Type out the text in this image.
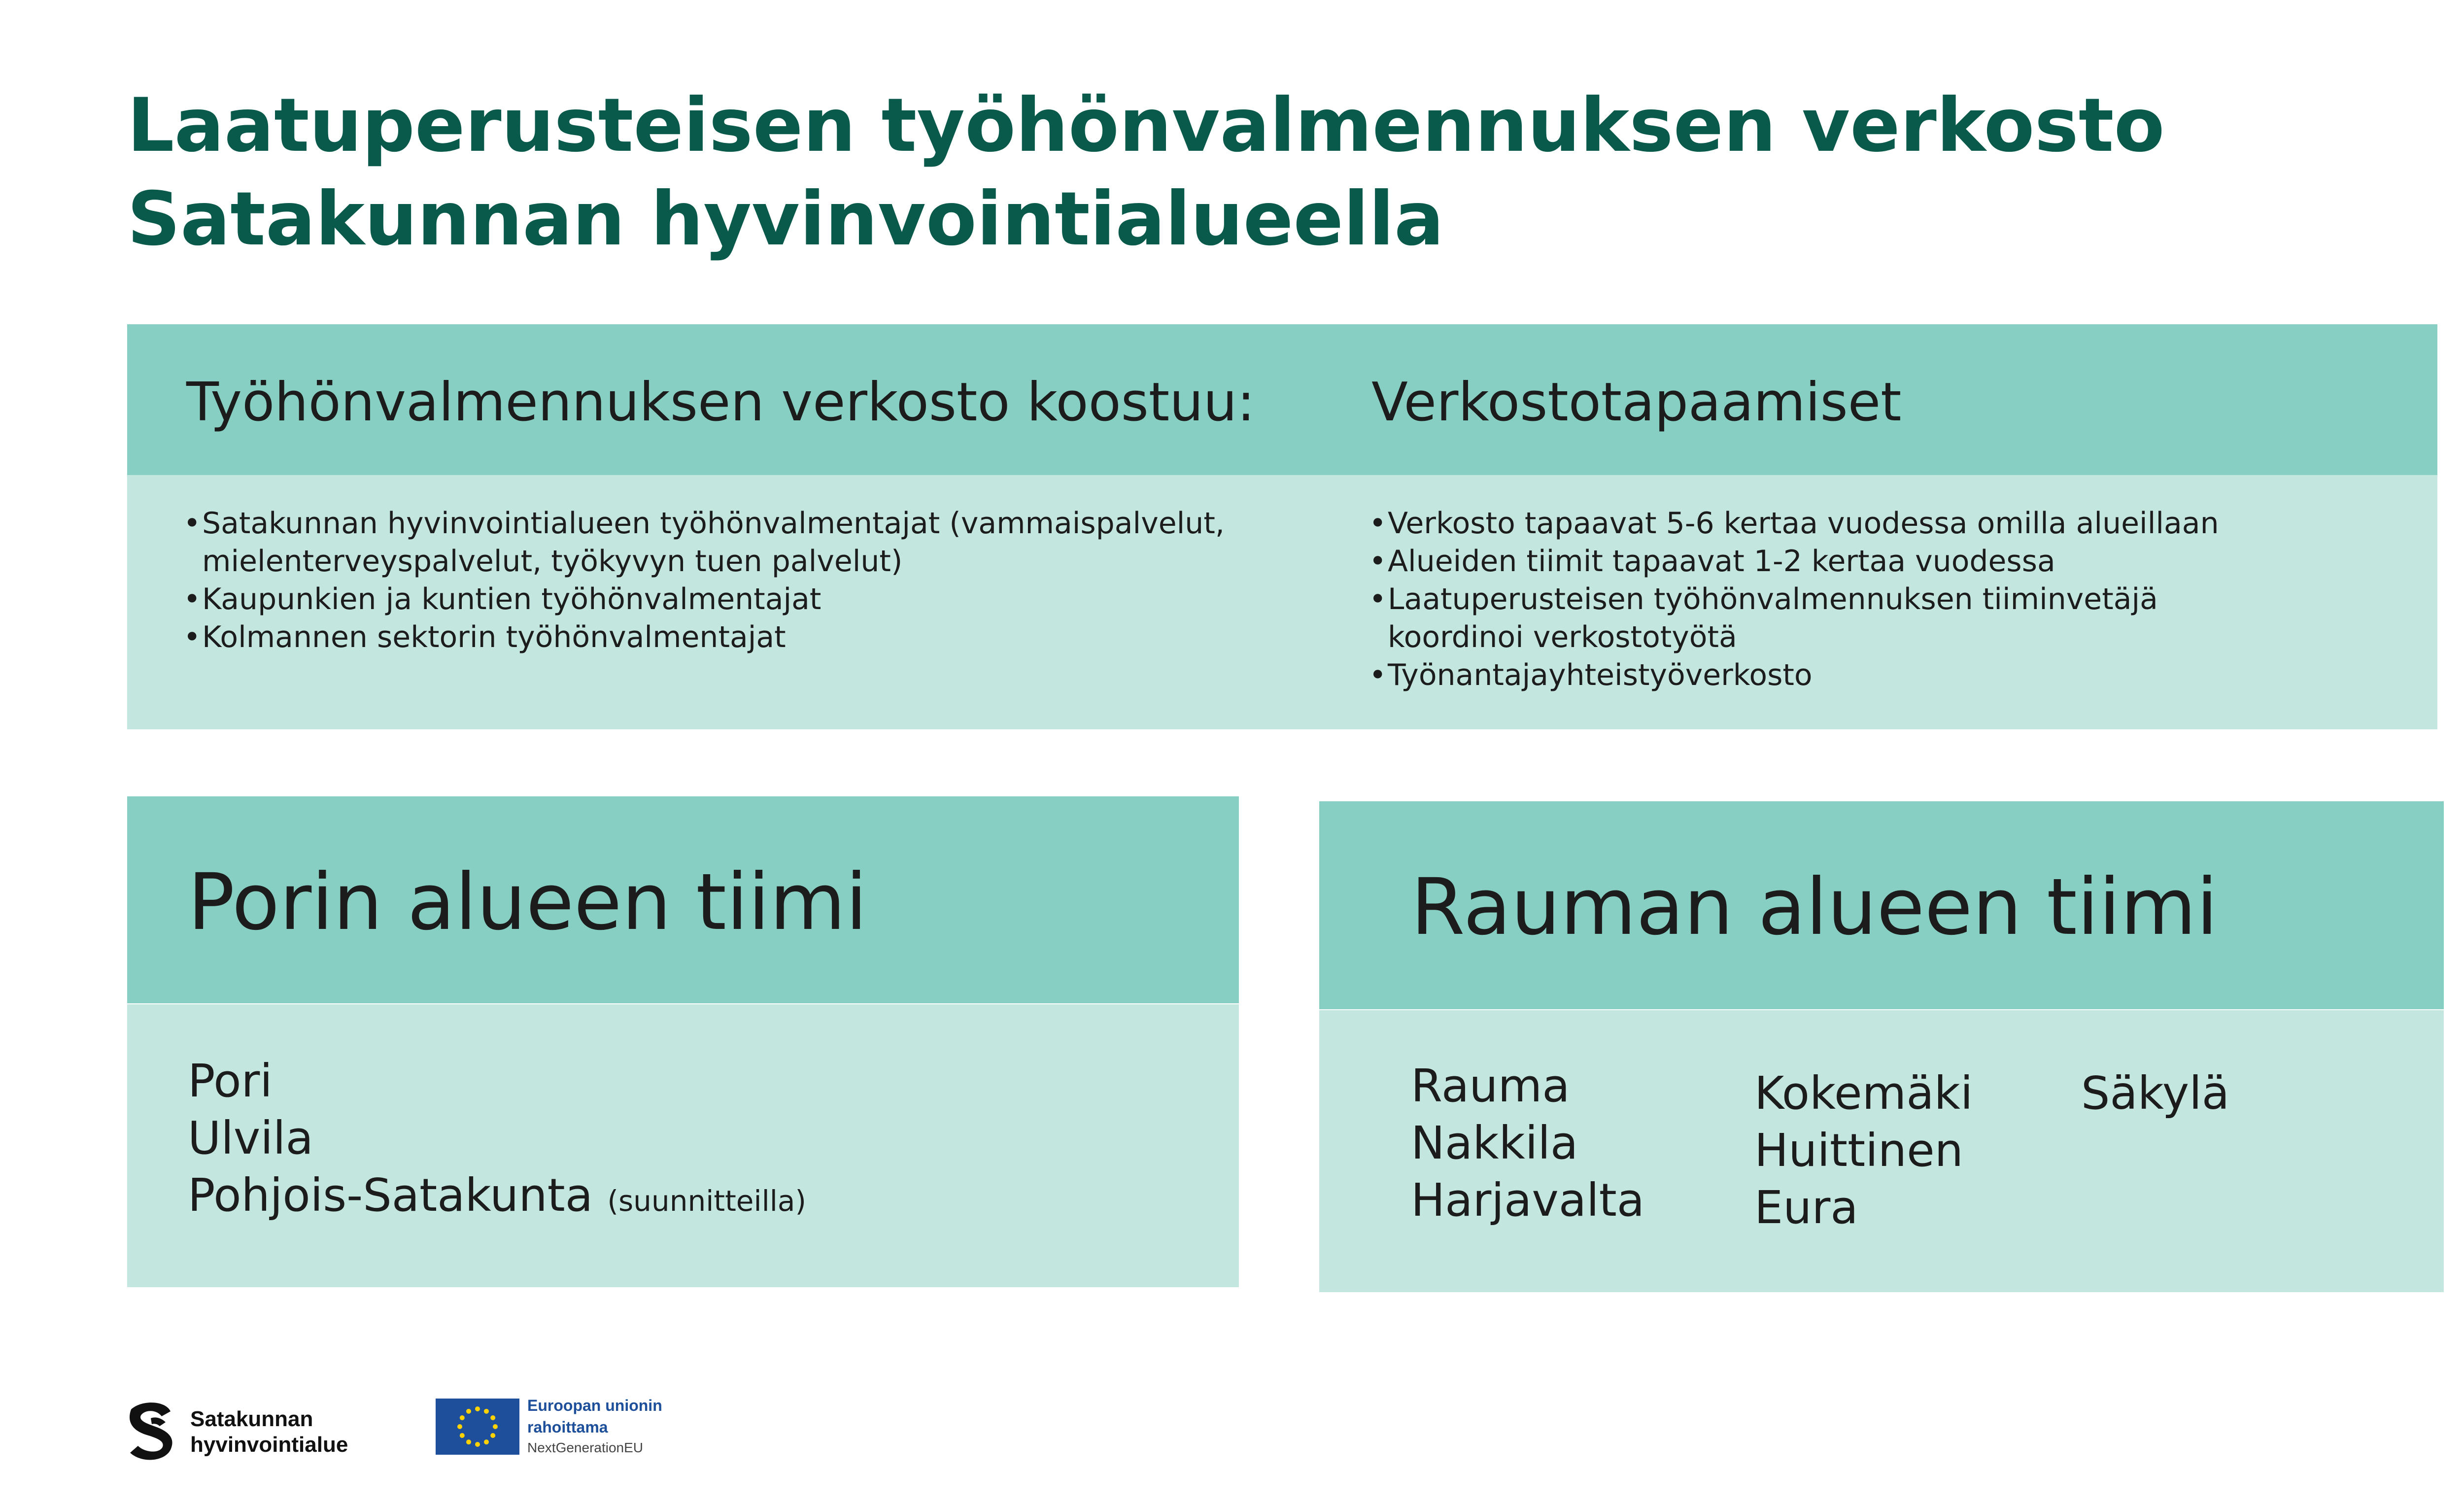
Laatuperusteisen työhönvalmennuksen verkosto
Satakunnan hyvinvointialueella
Työhönvalmennuksen verkosto koostuu: Verkostotapaamiset
• Satakunnan hyvinvointialueen työhönvalmentajat (vammaispalvelut,
mielenterveyspalvelut, työkyvyn tuen palvelut)
• Kaupunkien ja kuntien työhönvalmentajat
• Kolmannen sektorin työhönvalmentajat
• Verkosto tapaavat 5-6 kertaa vuodessa omilla alueillaan
• Alueiden tiimit tapaavat 1-2 kertaa vuodessa
• Laatuperusteisen työhönvalmennuksen tiiminvetäjä
koordinoi verkostotyötä
• Työnantajayhteistyöverkosto
Porin alueen tiimi
Pori
Ulvila
Pohjois-Satakunta (suunnitteilla)
Rauman alueen tiimi
Rauma
Nakkila
Harjavalta
Kokemäki
Huittinen
Eura
Säkylä
Satakunnan
hyvinvointialue
Euroopan unionin
rahoittama
NextGenerationEU
